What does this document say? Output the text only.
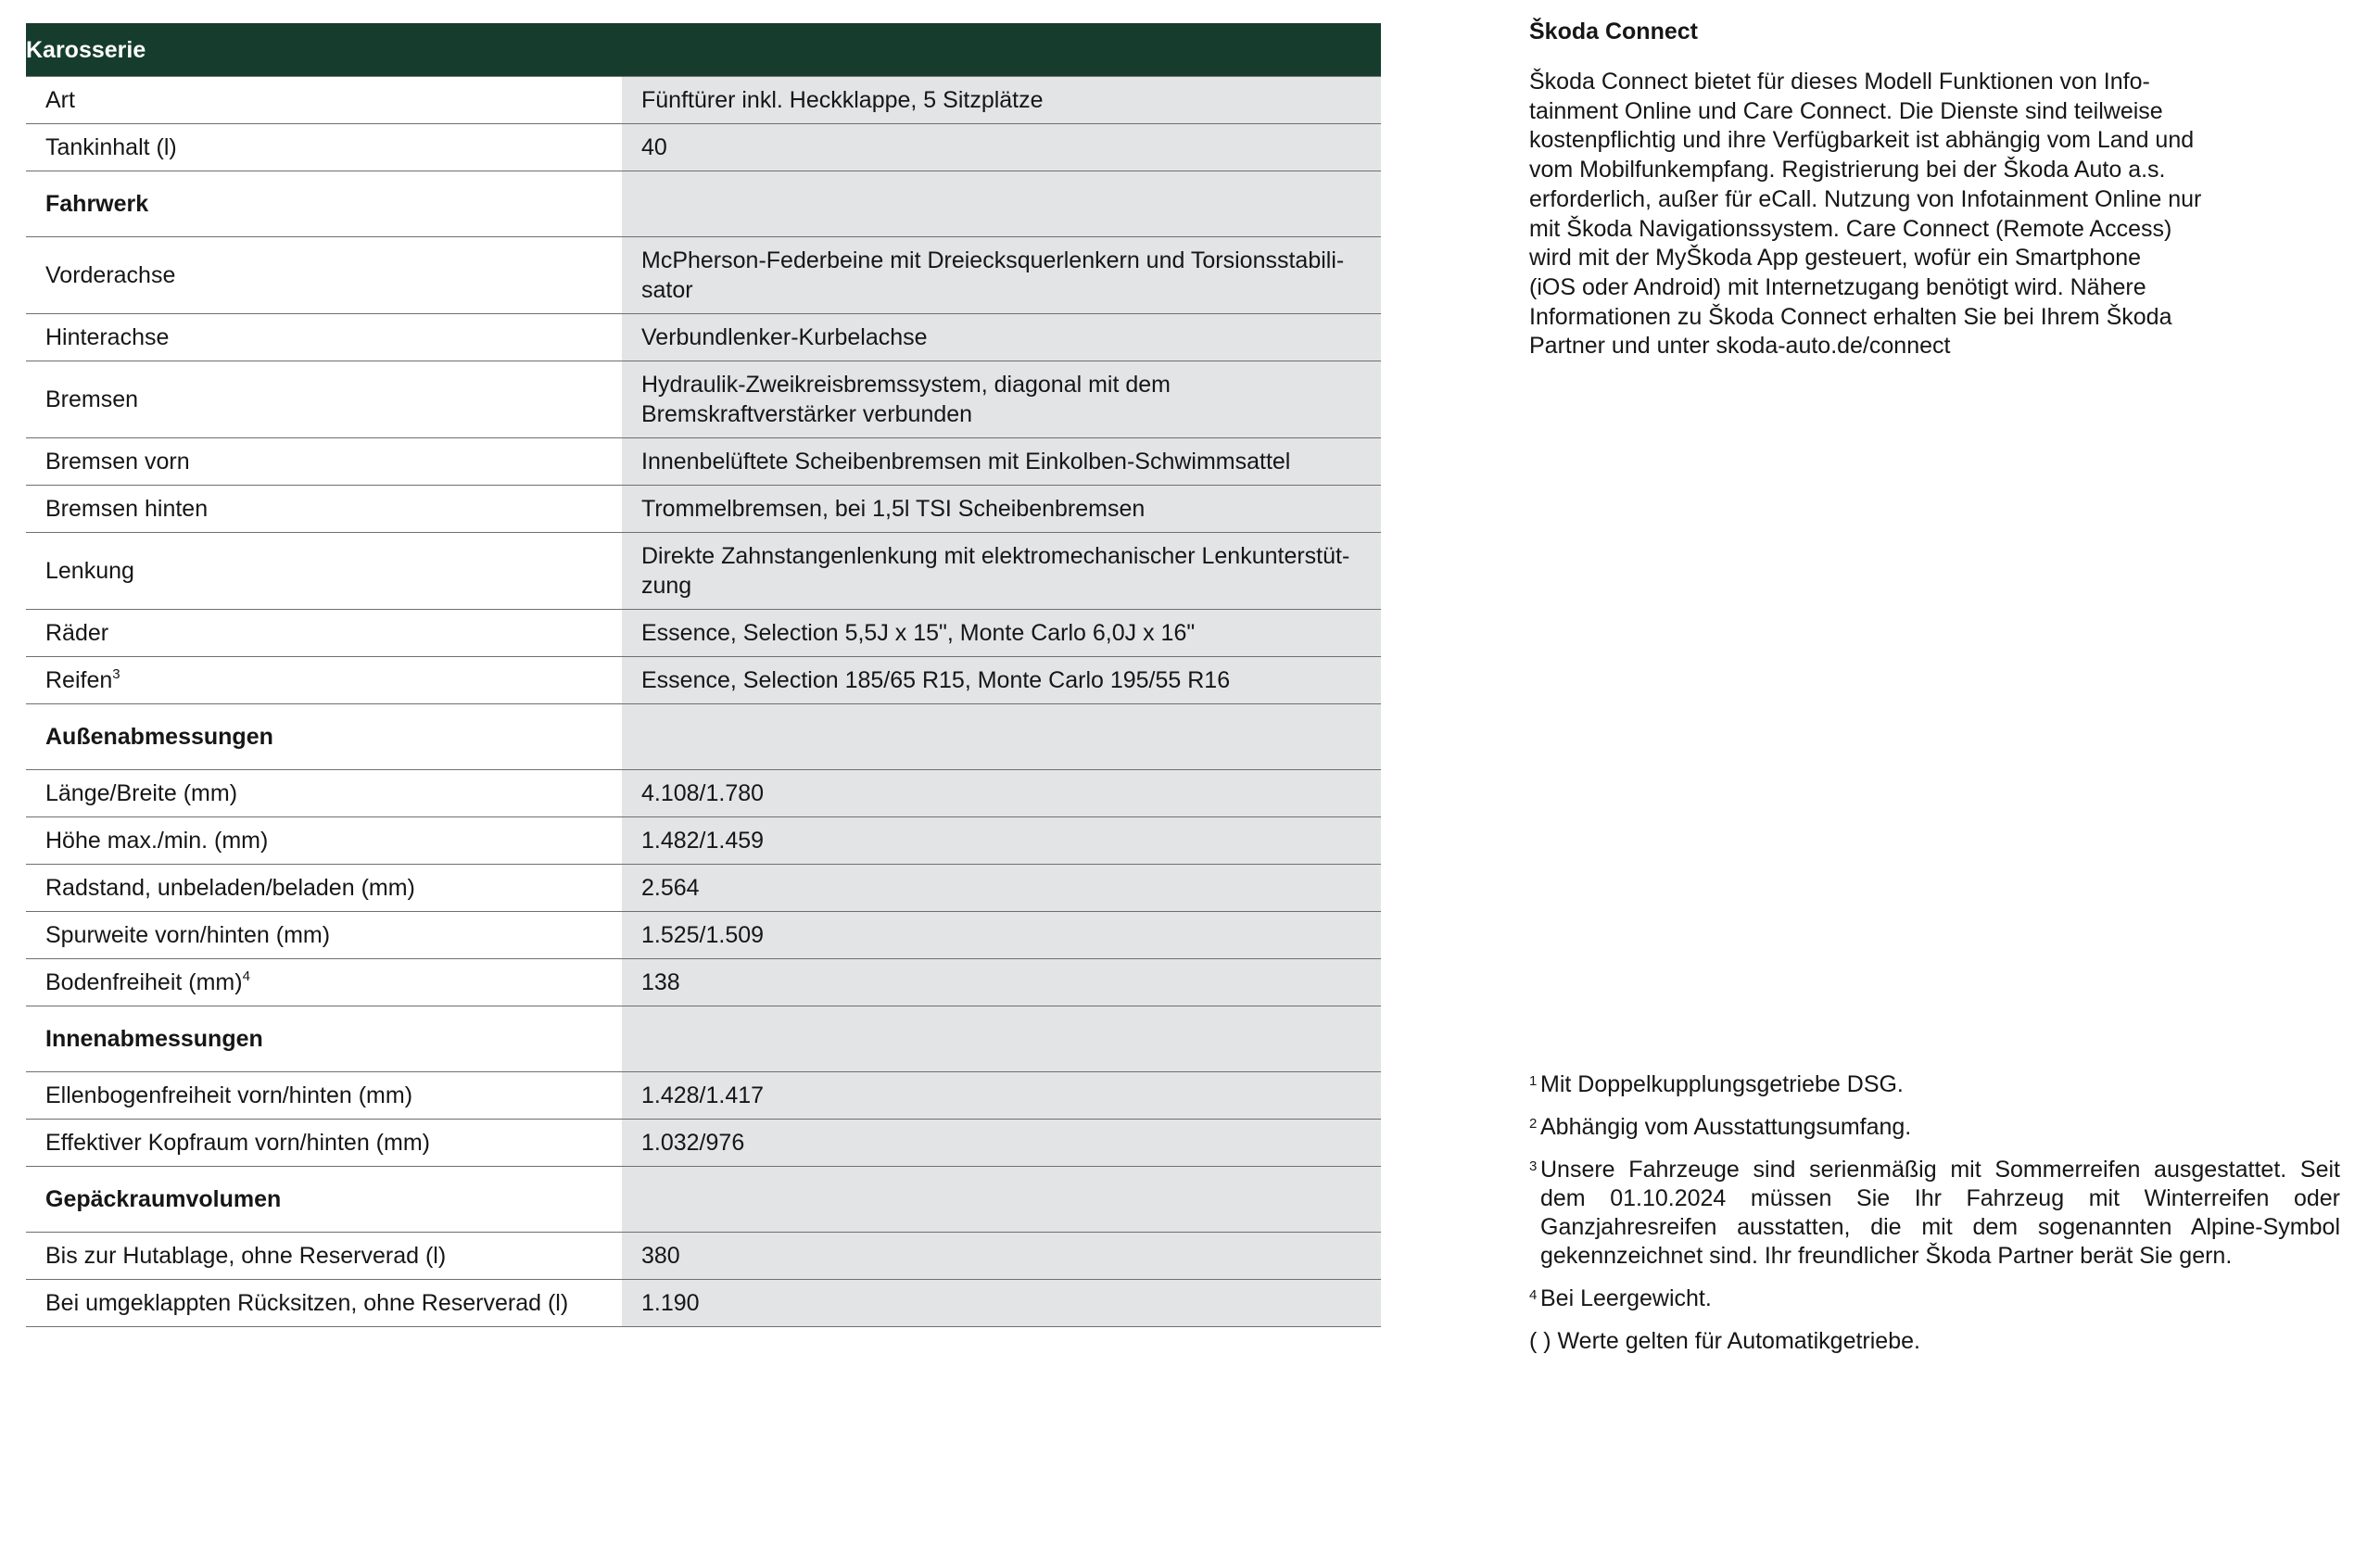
Karosserie	
Art	Fünftürer inkl. Heckklappe, 5 Sitzplätze
Tankinhalt (l)	40
Fahrwerk	
Vorderachse	McPherson-Federbeine mit Dreiecksquerlenkern und Torsionsstabili-
sator
Hinterachse	Verbundlenker-Kurbelachse
Bremsen	Hydraulik-Zweikreisbremssystem, diagonal mit dem
Bremskraftverstärker verbunden
Bremsen vorn	Innenbelüftete Scheibenbremsen mit Einkolben-Schwimmsattel
Bremsen hinten	Trommelbremsen, bei 1,5l TSI Scheibenbremsen
Lenkung	Direkte Zahnstangenlenkung mit elektromechanischer Lenkunterstüt-
zung
Räder	Essence, Selection 5,5J x 15", Monte Carlo 6,0J x 16"
Reifen$^3$	Essence, Selection 185/65 R15, Monte Carlo 195/55 R16
Außenabmessungen	
Länge/Breite (mm)	4.108/1.780
Höhe max./min. (mm)	1.482/1.459
Radstand, unbeladen/beladen (mm)	2.564
Spurweite vorn/hinten (mm)	1.525/1.509
Bodenfreiheit (mm)$^4$	138
Innenabmessungen	
Ellenbogenfreiheit vorn/hinten (mm)	1.428/1.417
Effektiver Kopfraum vorn/hinten (mm)	1.032/976
Gepäckraumvolumen	
Bis zur Hutablage, ohne Reserverad (l)	380
Bei umgeklappten Rücksitzen, ohne Reserverad (l)	1.190

Škoda Connect

Škoda Connect bietet für dieses Modell Funktionen von Info-
tainment Online und Care Connect. Die Dienste sind teilweise
kostenpflichtig und ihre Verfügbarkeit ist abhängig vom Land und
vom Mobilfunkempfang. Registrierung bei der Škoda Auto a.s.
erforderlich, außer für eCall. Nutzung von Infotainment Online nur
mit Škoda Navigationssystem. Care Connect (Remote Access)
wird mit der MyŠkoda App gesteuert, wofür ein Smartphone
(iOS oder Android) mit Internetzugang benötigt wird. Nähere
Informationen zu Škoda Connect erhalten Sie bei Ihrem Škoda
Partner und unter skoda-auto.de/connect

1 Mit Doppelkupplungsgetriebe DSG.
2 Abhängig vom Ausstattungsumfang.
3 Unsere Fahrzeuge sind serienmäßig mit Sommerreifen ausgestattet. Seit dem 01.10.2024 müssen Sie Ihr Fahrzeug mit Winterreifen oder Ganzjahresreifen ausstatten, die mit dem sogenannten Alpine-Symbol gekennzeichnet sind. Ihr freundlicher Škoda Partner berät Sie gern.
4 Bei Leergewicht.
( ) Werte gelten für Automatikgetriebe.
